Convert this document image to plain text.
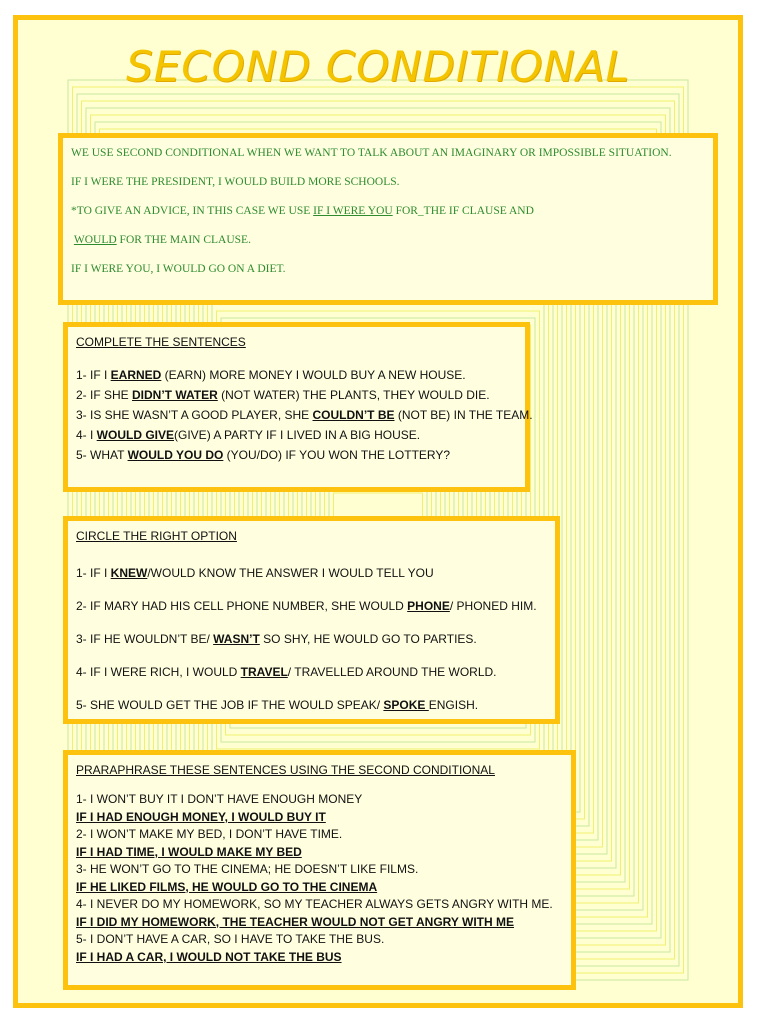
SECOND CONDITIONAL

WE USE SECOND CONDITIONAL WHEN WE WANT TO TALK ABOUT AN IMAGINARY OR IMPOSSIBLE SITUATION.

IF I WERE THE PRESIDENT, I WOULD BUILD MORE SCHOOLS.

*TO GIVE AN ADVICE, IN THIS CASE WE USE IF I WERE YOU FOR_THE IF CLAUSE AND

WOULD FOR THE MAIN CLAUSE.

IF I WERE YOU, I WOULD GO ON A DIET.

COMPLETE THE SENTENCES

1- IF I EARNED (EARN) MORE MONEY I WOULD BUY A NEW HOUSE.

2- IF SHE DIDN’T WATER (NOT WATER) THE PLANTS, THEY WOULD DIE.

3- IS SHE WASN’T A GOOD PLAYER, SHE COULDN’T BE (NOT BE) IN THE TEAM.

4- I WOULD GIVE(GIVE) A PARTY IF I LIVED IN A BIG HOUSE.

5- WHAT WOULD YOU DO (YOU/DO) IF YOU WON THE LOTTERY?

CIRCLE THE RIGHT OPTION

1- IF I KNEW/WOULD KNOW THE ANSWER I WOULD TELL YOU

2- IF MARY HAD HIS CELL PHONE NUMBER, SHE WOULD PHONE/ PHONED HIM.

3- IF HE WOULDN’T BE/ WASN’T SO SHY, HE WOULD GO TO PARTIES.

4- IF I WERE RICH, I WOULD TRAVEL/ TRAVELLED AROUND THE WORLD.

5- SHE WOULD GET THE JOB IF THE WOULD SPEAK/ SPOKE ENGISH.

PRARAPHRASE THESE SENTENCES USING THE SECOND CONDITIONAL

1- I WON’T BUY IT I DON’T HAVE ENOUGH MONEY

IF I HAD ENOUGH MONEY, I WOULD BUY IT

2- I WON’T MAKE MY BED, I DON’T HAVE TIME.

IF I HAD TIME, I WOULD MAKE MY BED

3- HE WON’T GO TO THE CINEMA; HE DOESN’T LIKE FILMS.

IF HE LIKED FILMS, HE WOULD GO TO THE CINEMA

4- I NEVER DO MY HOMEWORK, SO MY TEACHER ALWAYS GETS ANGRY WITH ME.

IF I DID MY HOMEWORK, THE TEACHER WOULD NOT GET ANGRY WITH ME

5- I DON’T HAVE A CAR, SO I HAVE TO TAKE THE BUS.

IF I HAD A CAR, I WOULD NOT TAKE THE BUS
